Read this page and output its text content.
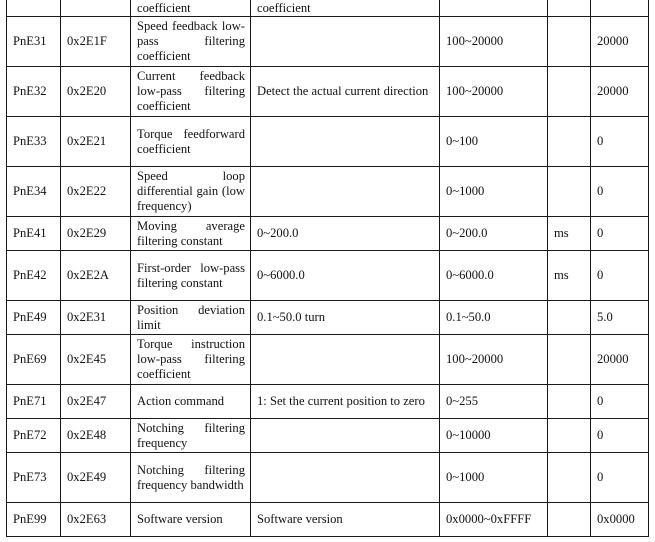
		coefficient	coefficient			
PnE31	0x2E1F	Speed feedback low-pass filtering coefficient		100~20000		20000
PnE32	0x2E20	Current feedback low-pass filtering coefficient	Detect the actual current direction	100~20000		20000
PnE33	0x2E21	Torque feedforward coefficient		0~100		0
PnE34	0x2E22	Speed loop differential gain (low frequency)		0~1000		0
PnE41	0x2E29	Moving average filtering constant	0~200.0	0~200.0	ms	0
PnE42	0x2E2A	First-order low-pass filtering constant	0~6000.0	0~6000.0	ms	0
PnE49	0x2E31	Position deviation limit	0.1~50.0 turn	0.1~50.0		5.0
PnE69	0x2E45	Torque instruction low-pass filtering coefficient		100~20000		20000
PnE71	0x2E47	Action command	1: Set the current position to zero	0~255		0
PnE72	0x2E48	Notching filtering frequency		0~10000		0
PnE73	0x2E49	Notching filtering frequency bandwidth		0~1000		0
PnE99	0x2E63	Software version	Software version	0x0000~0xFFFF		0x0000
